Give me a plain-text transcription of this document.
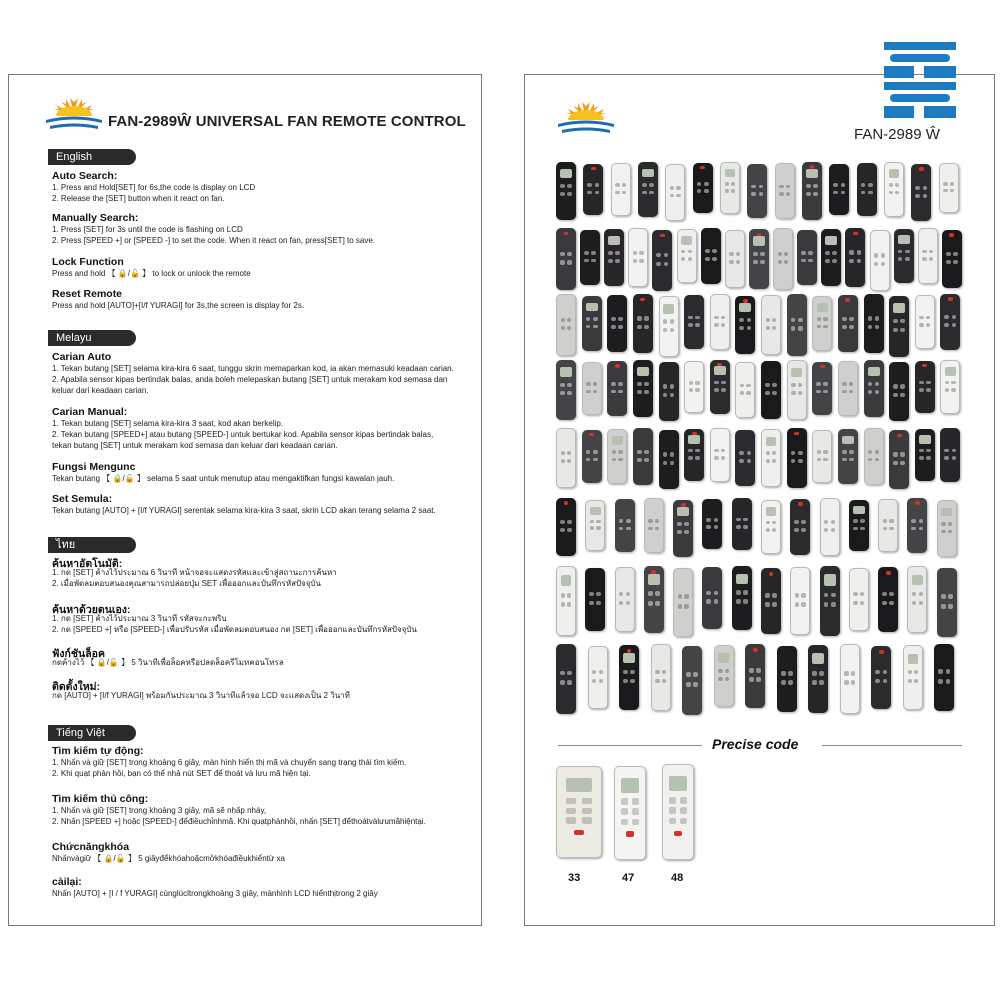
FAN-2989Ŵ UNIVERSAL FAN REMOTE CONTROL
English
Auto Search:
1. Press and Hold[SET] for 6s,the code is display on LCD
2. Release the [SET] button when it react on fan.
Manually Search:
1. Press [SET] for 3s until the code is flashing on LCD
2. Press [SPEED +] or [SPEED -] to set the code. When it react on fan, press[SET] to save.
Lock Function
Press and hold 【 🔒/🔓 】 to lock or unlock the remote
Reset Remote
Press and hold [AUTO]+[I/f YURAGI] for 3s,the screen is display for 2s.
Melayu
Carian Auto
1. Tekan butang [SET] selama kira-kira 6 saat, tunggu skrin memaparkan kod, ia akan memasuki keadaan carian.
2. Apabila sensor kipas bertindak balas, anda boleh melepaskan butang [SET] untuk merakam kod semasa dan
keluar dari keadaan carian.
Carian Manual:
1. Tekan butang [SET] selama kira-kira 3 saat, kod akan berkelip.
2. Tekan butang [SPEED+] atau butang [SPEED-] untuk bertukar kod. Apabila sensor kipas bertindak balas,
tekan butang [SET] untuk merakam kod semasa dan keluar dari keadaan carian.
Fungsi Mengunc
Tekan butang 【 🔒/🔓 】 selama 5 saat untuk menutup atau mengaktifkan fungsi kawalan jauh.
Set Semula:
Tekan butang [AUTO] + [I/f YURAGI] serentak selama kira-kira 3 saat, skrin LCD akan terang selama 2 saat.
ไทย
ค้นหาอัตโนมัติ:
1. กด [SET] ค้างไว้ประมาณ 6 วินาที หน้าจอจะแสดงรหัสและเข้าสู่สถานะการค้นหา
2. เมื่อพัดลมตอบสนองคุณสามารถปล่อยปุ่ม SET เพื่อออกและบันทึกรหัสปัจจุบัน
ค้นหาด้วยตนเอง:
1. กด [SET] ค้างไว้ประมาณ 3 วินาที รหัสจะกะพริบ
2. กด [SPEED +] หรือ [SPEED-] เพื่อปรับรหัส เมื่อพัดลมตอบสนอง กด [SET] เพื่อออกและบันทึกรหัสปัจจุบัน
ฟังก์ชันล็อค
กดค้างไว้ 【 🔒/🔓 】 5 วินาทีเพื่อล็อคหรือปลดล็อครีโมทคอนโทรล
ติดตั้งใหม่:
กด [AUTO] + [I/f YURAGI] พร้อมกันประมาณ 3 วินาทีแล้วจอ LCD จะแสดงเป็น 2 วินาที
Tiếng Việt
Tìm kiếm tự động:
1. Nhấn và giữ [SET] trong khoảng 6 giây, màn hình hiển thị mã và chuyển sang trạng thái tìm kiếm.
2. Khi quạt phản hồi, bạn có thể nhả nút SET để thoát và lưu mã hiện tại.
Tìm kiếm thủ công:
1. Nhấn và giữ [SET] trong khoảng 3 giây, mã sẽ nhấp nháy,
2. Nhấn [SPEED +] hoặc [SPEED-] đểđiềuchỉnhmã. Khi quạtphảnhồi, nhấn [SET] đểthoátvàlưumãhiệntại.
Chứcnăngkhóa
Nhấnvàgiữ 【 🔒/🔓 】 5 giâyđểkhóahoặcmởkhóađiềukhiểntừ xa
càilại:
Nhấn [AUTO] + [I / f YURAGI] cùnglúcltrongkhoảng 3 giây, mànhình LCD hiểnthịtrong 2 giây
FAN-2989 Ŵ
Precise code
33	47	48
